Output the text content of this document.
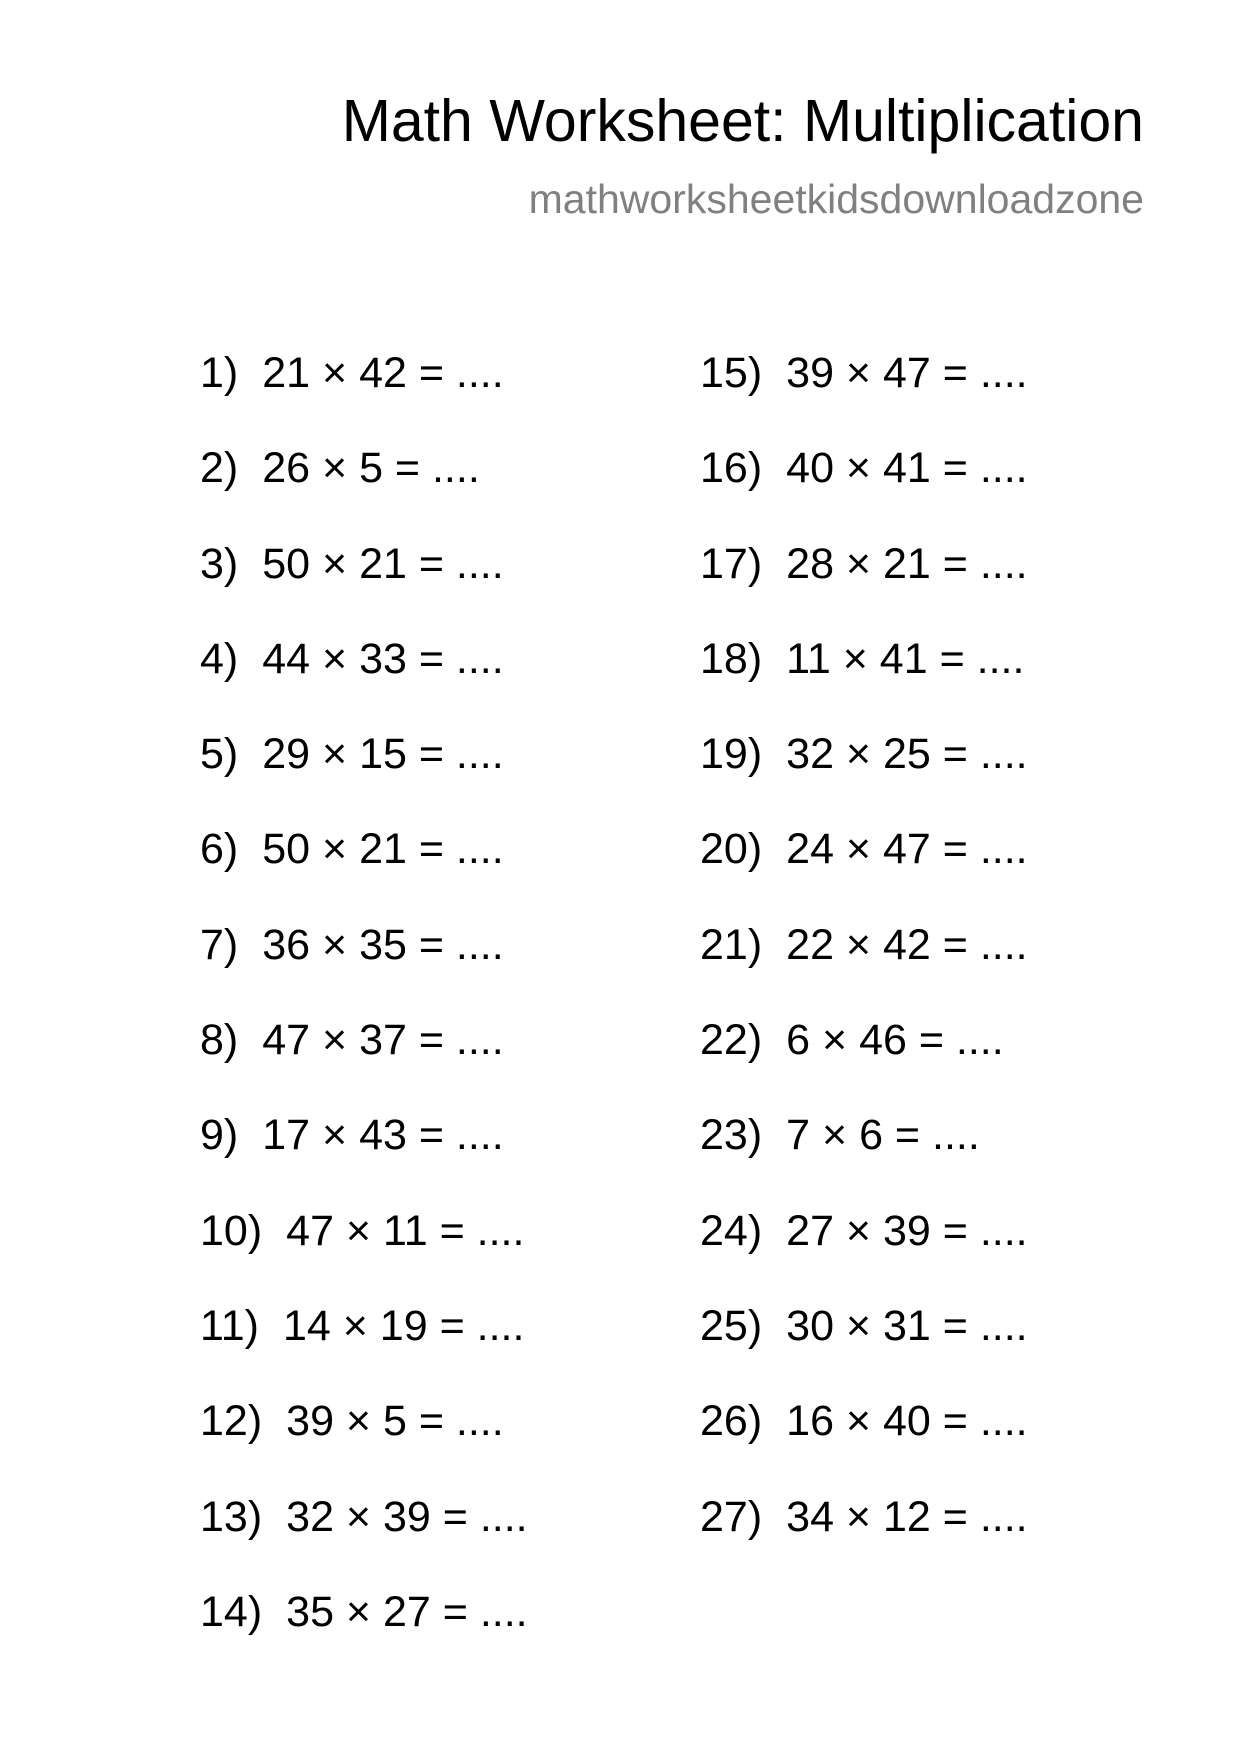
Math Worksheet: Multiplication
mathworksheetkidsdownloadzone
1) 21 × 42 = ....
2) 26 × 5 = ....
3) 50 × 21 = ....
4) 44 × 33 = ....
5) 29 × 15 = ....
6) 50 × 21 = ....
7) 36 × 35 = ....
8) 47 × 37 = ....
9) 17 × 43 = ....
10) 47 × 11 = ....
11) 14 × 19 = ....
12) 39 × 5 = ....
13) 32 × 39 = ....
14) 35 × 27 = ....
15) 39 × 47 = ....
16) 40 × 41 = ....
17) 28 × 21 = ....
18) 11 × 41 = ....
19) 32 × 25 = ....
20) 24 × 47 = ....
21) 22 × 42 = ....
22) 6 × 46 = ....
23) 7 × 6 = ....
24) 27 × 39 = ....
25) 30 × 31 = ....
26) 16 × 40 = ....
27) 34 × 12 = ....
